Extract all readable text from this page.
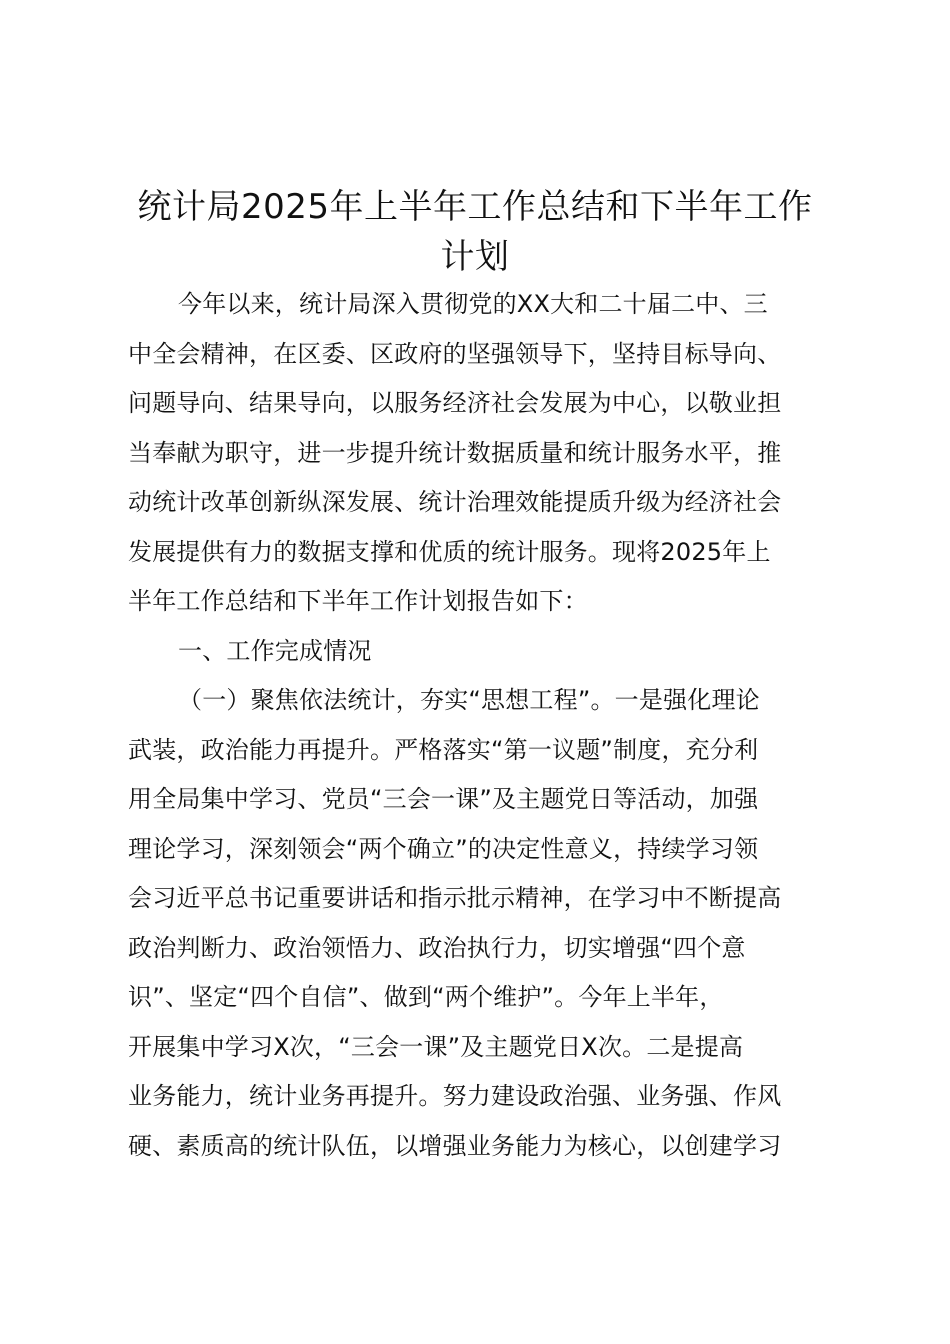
统计局2025年上半年工作总结和下半年工作
计划
今年以来，统计局深入贯彻党的XX大和二十届二中、三
中全会精神，在区委、区政府的坚强领导下，坚持目标导向、
问题导向、结果导向，以服务经济社会发展为中心，以敬业担
当奉献为职守，进一步提升统计数据质量和统计服务水平，推
动统计改革创新纵深发展、统计治理效能提质升级为经济社会
发展提供有力的数据支撑和优质的统计服务。现将2025年上
半年工作总结和下半年工作计划报告如下：
一、工作完成情况
（一）聚焦依法统计，夯实“思想工程”。一是强化理论
武装，政治能力再提升。严格落实“第一议题”制度，充分利
用全局集中学习、党员“三会一课”及主题党日等活动，加强
理论学习，深刻领会“两个确立”的决定性意义，持续学习领
会习近平总书记重要讲话和指示批示精神，在学习中不断提高
政治判断力、政治领悟力、政治执行力，切实增强“四个意
识”、坚定“四个自信”、做到“两个维护”。今年上半年，
开展集中学习X次，“三会一课”及主题党日X次。二是提高
业务能力，统计业务再提升。努力建设政治强、业务强、作风
硬、素质高的统计队伍，以增强业务能力为核心，以创建学习
